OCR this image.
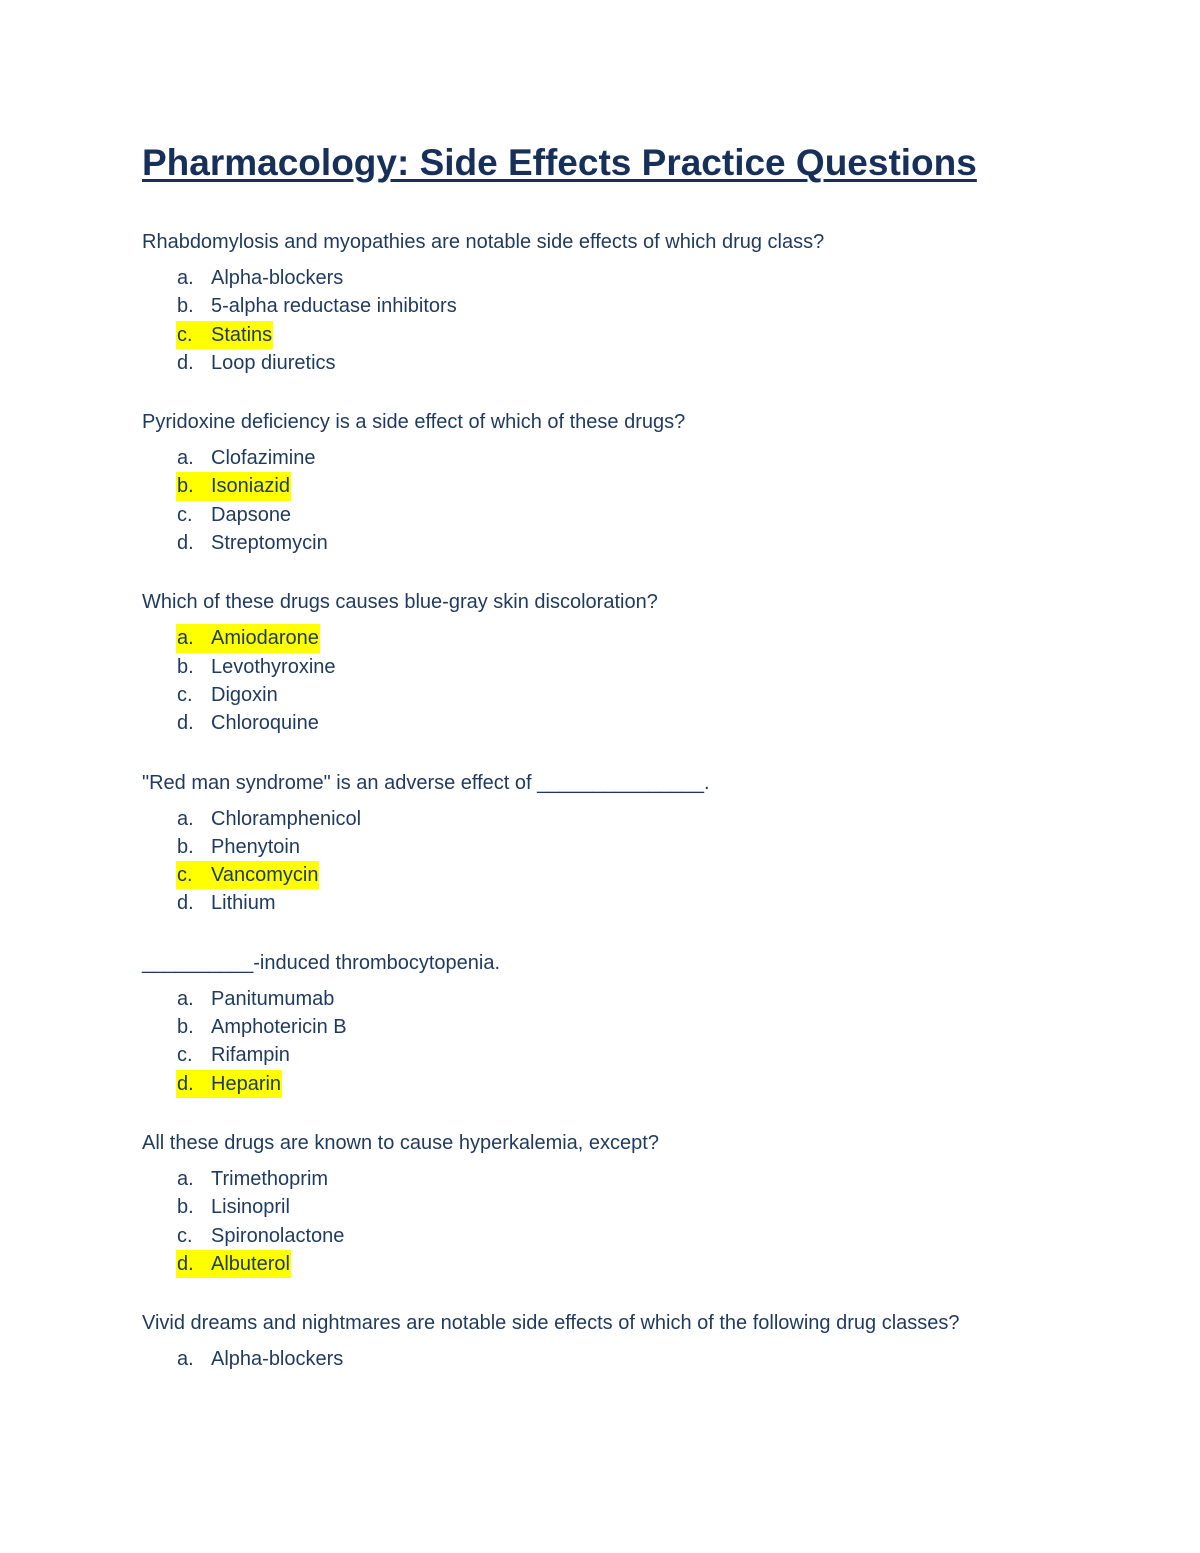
Pharmacology: Side Effects Practice Questions

Rhabdomylosis and myopathies are notable side effects of which drug class?

a. Alpha-blockers
b. 5-alpha reductase inhibitors
c. Statins
d. Loop diuretics

Pyridoxine deficiency is a side effect of which of these drugs?

a. Clofazimine
b. Isoniazid
c. Dapsone
d. Streptomycin

Which of these drugs causes blue-gray skin discoloration?

a. Amiodarone
b. Levothyroxine
c. Digoxin
d. Chloroquine

"Red man syndrome" is an adverse effect of _______________.

a. Chloramphenicol
b. Phenytoin
c. Vancomycin
d. Lithium

__________-induced thrombocytopenia.

a. Panitumumab
b. Amphotericin B
c. Rifampin
d. Heparin

All these drugs are known to cause hyperkalemia, except?

a. Trimethoprim
b. Lisinopril
c. Spironolactone
d. Albuterol

Vivid dreams and nightmares are notable side effects of which of the following drug classes?

a. Alpha-blockers
